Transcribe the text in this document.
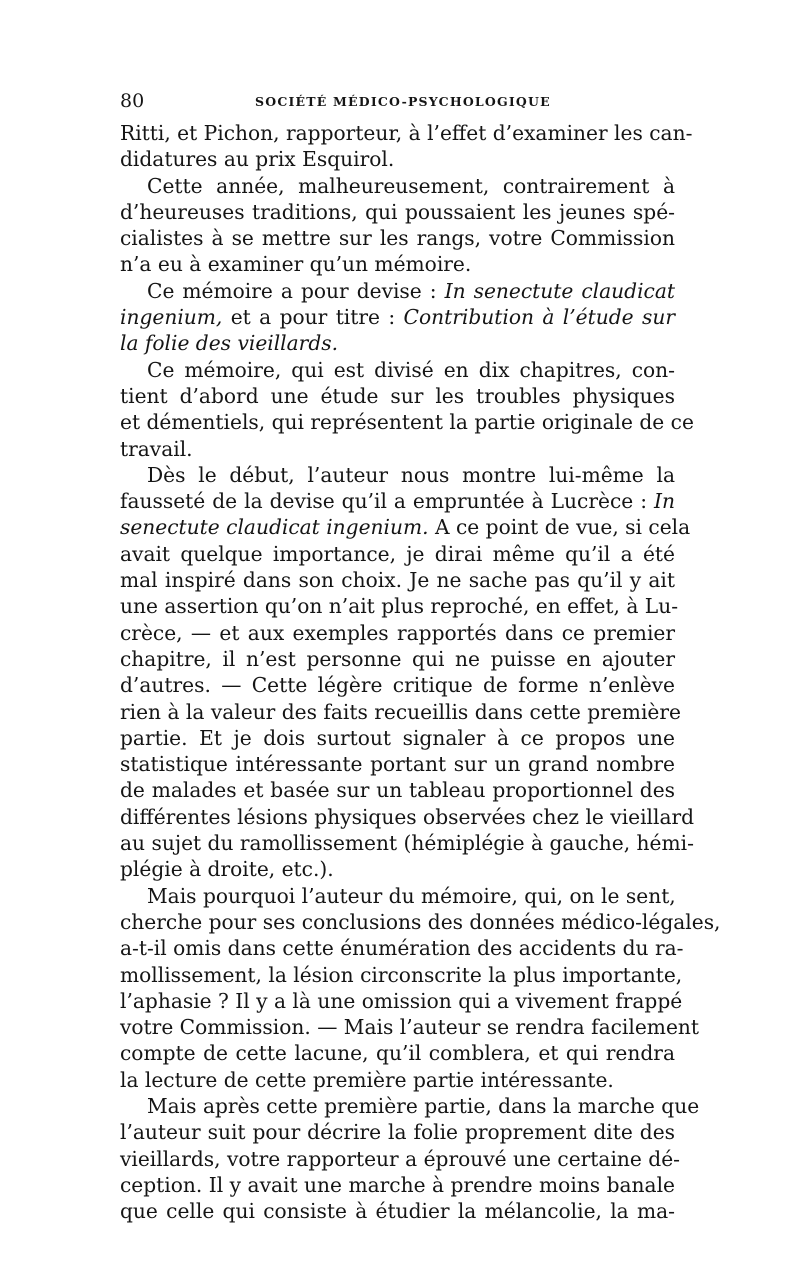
80	SOCIÉTÉ MÉDICO-PSYCHOLOGIQUE
Ritti, et Pichon, rapporteur, à l’effet d’examiner les can-
didatures au prix Esquirol.
Cette année, malheureusement, contrairement à
d’heureuses traditions, qui poussaient les jeunes spé-
cialistes à se mettre sur les rangs, votre Commission
n’a eu à examiner qu’un mémoire.
Ce mémoire a pour devise : In senectute claudicat
ingenium, et a pour titre : Contribution à l’étude sur
la folie des vieillards.
Ce mémoire, qui est divisé en dix chapitres, con-
tient d’abord une étude sur les troubles physiques
et démentiels, qui représentent la partie originale de ce
travail.
Dès le début, l’auteur nous montre lui-même la
fausseté de la devise qu’il a empruntée à Lucrèce : In
senectute claudicat ingenium. A ce point de vue, si cela
avait quelque importance, je dirai même qu’il a été
mal inspiré dans son choix. Je ne sache pas qu’il y ait
une assertion qu’on n’ait plus reproché, en effet, à Lu-
crèce, — et aux exemples rapportés dans ce premier
chapitre, il n’est personne qui ne puisse en ajouter
d’autres. — Cette légère critique de forme n’enlève
rien à la valeur des faits recueillis dans cette première
partie. Et je dois surtout signaler à ce propos une
statistique intéressante portant sur un grand nombre
de malades et basée sur un tableau proportionnel des
différentes lésions physiques observées chez le vieillard
au sujet du ramollissement (hémiplégie à gauche, hémi-
plégie à droite, etc.).
Mais pourquoi l’auteur du mémoire, qui, on le sent,
cherche pour ses conclusions des données médico-légales,
a-t-il omis dans cette énumération des accidents du ra-
mollissement, la lésion circonscrite la plus importante,
l’aphasie ? Il y a là une omission qui a vivement frappé
votre Commission. — Mais l’auteur se rendra facilement
compte de cette lacune, qu’il comblera, et qui rendra
la lecture de cette première partie intéressante.
Mais après cette première partie, dans la marche que
l’auteur suit pour décrire la folie proprement dite des
vieillards, votre rapporteur a éprouvé une certaine dé-
ception. Il y avait une marche à prendre moins banale
que celle qui consiste à étudier la mélancolie, la ma-
